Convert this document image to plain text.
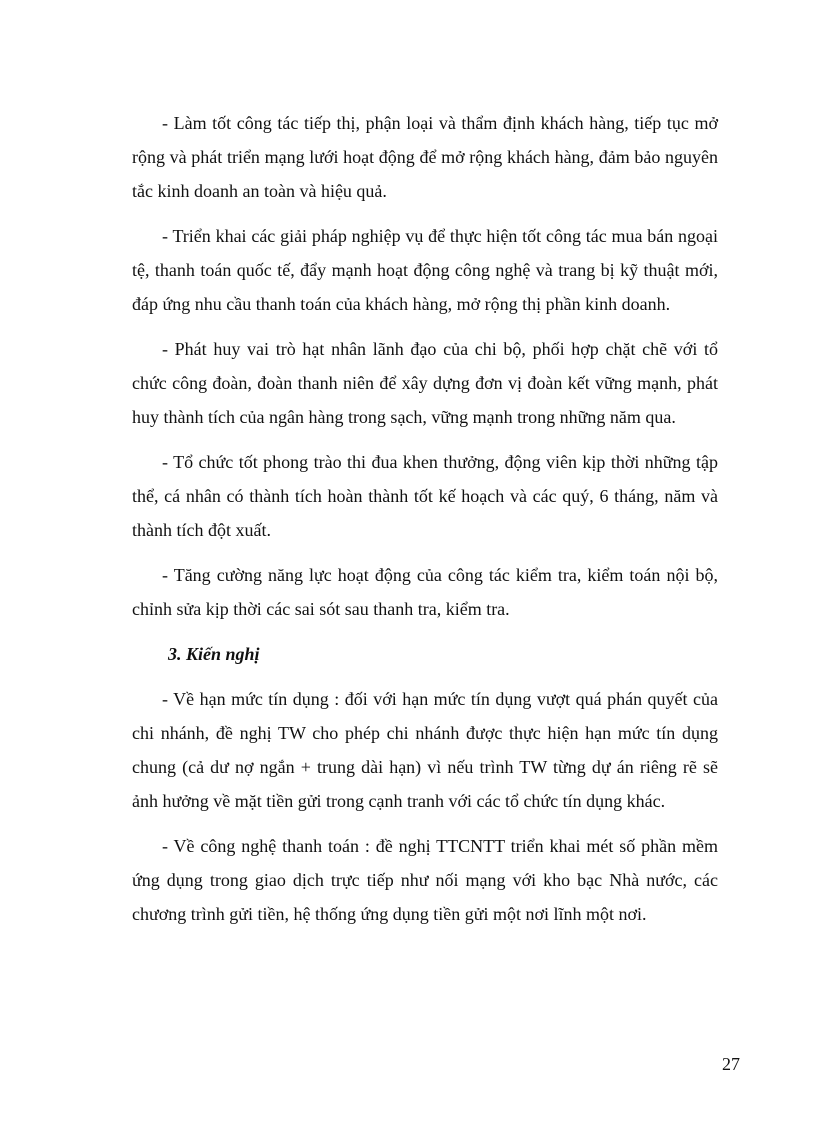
- Làm tốt công tác tiếp thị, phận loại và thẩm định khách hàng, tiếp tục mở rộng và phát triển mạng lưới hoạt động để mở rộng khách hàng, đảm bảo nguyên tắc kinh doanh an toàn và hiệu quả.

- Triển khai các giải pháp nghiệp vụ để thực hiện tốt công tác mua bán ngoại tệ, thanh toán quốc tế, đẩy mạnh hoạt động công nghệ và trang bị kỹ thuật mới, đáp ứng nhu cầu thanh toán của khách hàng, mở rộng thị phần kinh doanh.

- Phát huy vai trò hạt nhân lãnh đạo của chi bộ, phối hợp chặt chẽ với tổ chức công đoàn, đoàn thanh niên để xây dựng đơn vị đoàn kết vững mạnh, phát huy thành tích của ngân hàng trong sạch, vững mạnh trong những năm qua.

- Tổ chức tốt phong trào thi đua khen thưởng, động viên kịp thời những tập thể, cá nhân có thành tích hoàn thành tốt kế hoạch và các quý, 6 tháng, năm và thành tích đột xuất.

- Tăng cường năng lực hoạt động của công tác kiểm tra, kiểm toán nội bộ, chỉnh sửa kịp thời các sai sót sau thanh tra, kiểm tra.

3. Kiến nghị

- Về hạn mức tín dụng : đối với hạn mức tín dụng vượt quá phán quyết của chi nhánh, đề nghị TW cho phép chi nhánh được thực hiện hạn mức tín dụng chung (cả dư nợ ngắn + trung dài hạn) vì nếu trình TW từng dự án riêng rẽ sẽ ảnh hưởng về mặt tiền gửi trong cạnh tranh với các tổ chức tín dụng khác.

- Về công nghệ thanh toán : đề nghị TTCNTT triển khai mét số phần mềm ứng dụng trong giao dịch trực tiếp như nối mạng với kho bạc Nhà nước, các chương trình gửi tiền, hệ thống ứng dụng tiền gửi một nơi lĩnh một nơi.

27
